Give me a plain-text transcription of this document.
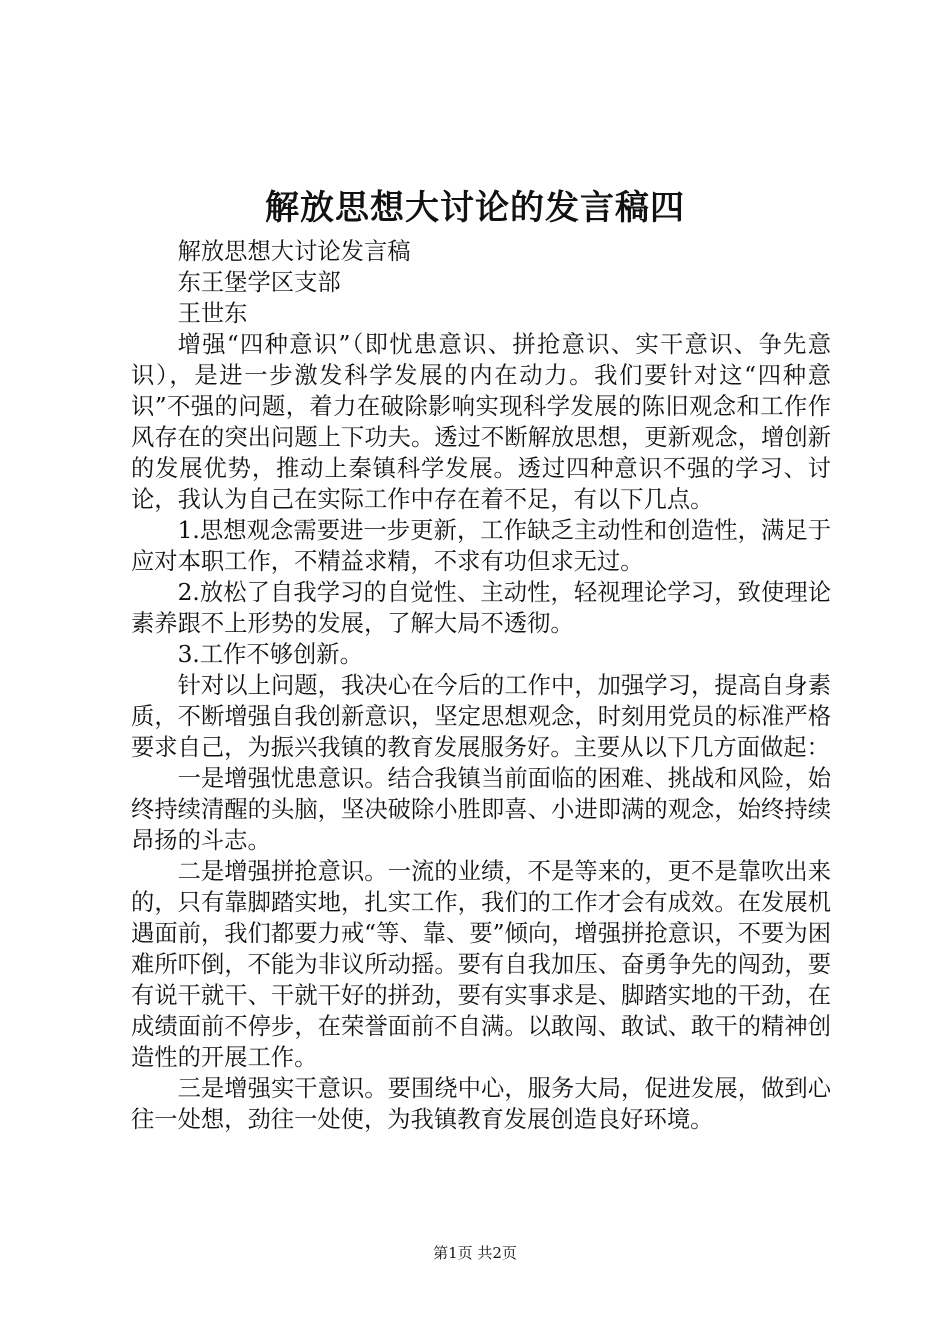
解放思想大讨论的发言稿四

解放思想大讨论发言稿

东王堡学区支部

王世东

增强“四种意识”（即忧患意识、拼抢意识、实干意识、争先意识），是进一步激发科学发展的内在动力。我们要针对这“四种意识”不强的问题，着力在破除影响实现科学发展的陈旧观念和工作作风存在的突出问题上下功夫。透过不断解放思想，更新观念，增创新的发展优势，推动上秦镇科学发展。透过四种意识不强的学习、讨论，我认为自己在实际工作中存在着不足，有以下几点。

1.思想观念需要进一步更新，工作缺乏主动性和创造性，满足于应对本职工作，不精益求精，不求有功但求无过。

2.放松了自我学习的自觉性、主动性，轻视理论学习，致使理论素养跟不上形势的发展，了解大局不透彻。

3.工作不够创新。

针对以上问题，我决心在今后的工作中，加强学习，提高自身素质，不断增强自我创新意识，坚定思想观念，时刻用党员的标准严格要求自己，为振兴我镇的教育发展服务好。主要从以下几方面做起：

一是增强忧患意识。结合我镇当前面临的困难、挑战和风险，始终持续清醒的头脑，坚决破除小胜即喜、小进即满的观念，始终持续昂扬的斗志。

二是增强拼抢意识。一流的业绩，不是等来的，更不是靠吹出来的，只有靠脚踏实地，扎实工作，我们的工作才会有成效。在发展机遇面前，我们都要力戒“等、靠、要”倾向，增强拼抢意识，不要为困难所吓倒，不能为非议所动摇。要有自我加压、奋勇争先的闯劲，要有说干就干、干就干好的拼劲，要有实事求是、脚踏实地的干劲，在成绩面前不停步，在荣誉面前不自满。以敢闯、敢试、敢干的精神创造性的开展工作。

三是增强实干意识。要围绕中心，服务大局，促进发展，做到心往一处想，劲往一处使，为我镇教育发展创造良好环境。

第1页 共2页
